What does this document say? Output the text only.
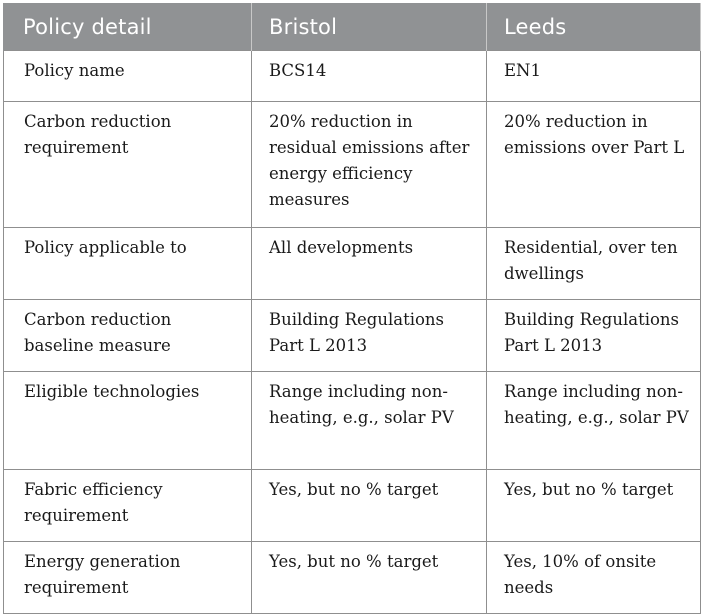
Policy detail	Bristol	Leeds
Policy name	BCS14	EN1
Carbon reduction requirement	20% reduction in residual emissions after energy efficiency measures	20% reduction in emissions over Part L
Policy applicable to	All developments	Residential, over ten dwellings
Carbon reduction baseline measure	Building Regulations Part L 2013	Building Regulations Part L 2013
Eligible technologies	Range including non-heating, e.g., solar PV	Range including non-heating, e.g., solar PV
Fabric efficiency requirement	Yes, but no % target	Yes, but no % target
Energy generation requirement	Yes, but no % target	Yes, 10% of onsite needs
